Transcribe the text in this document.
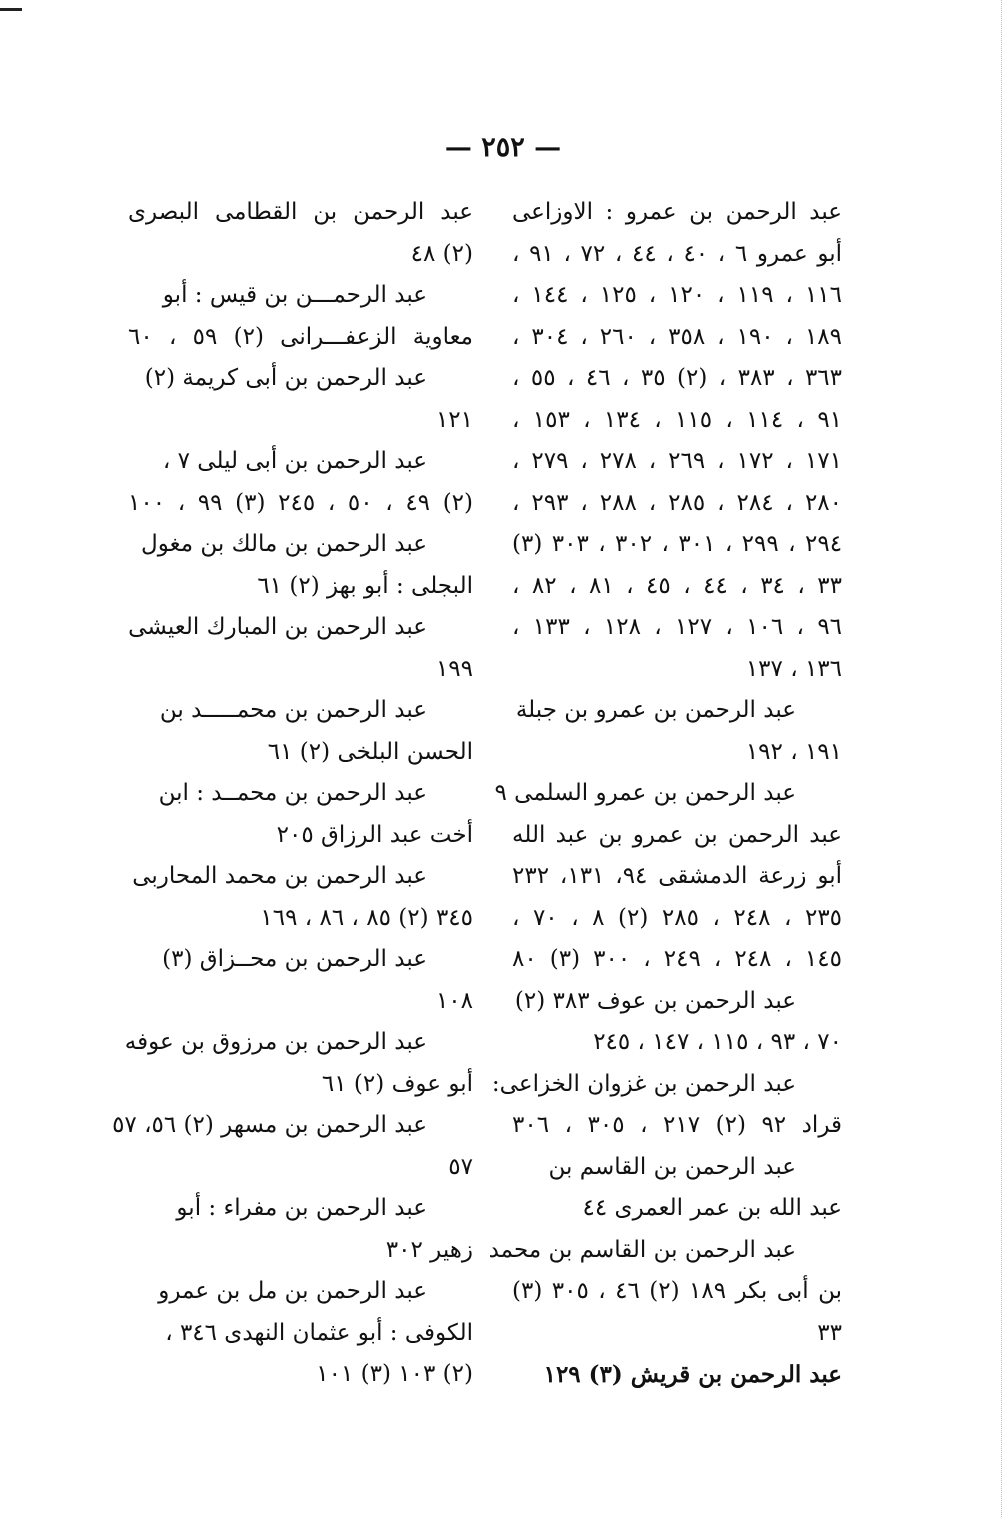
— ٢٥٢ —
عبد الرحمن بن عمرو : الاوزاعى
أبو عمرو ٦ ، ٤٠ ، ٤٤ ، ٧٢ ، ٩١ ،
١١٦ ، ١١٩ ، ١٢٠ ، ١٢٥ ، ١٤٤ ،
١٨٩ ، ١٩٠ ، ٣٥٨ ، ٢٦٠ ، ٣٠٤ ،
٣٦٣ ، ٣٨٣ ، (٢) ٣٥ ، ٤٦ ، ٥٥ ،
٩١ ، ١١٤ ، ١١٥ ، ١٣٤ ، ١٥٣ ،
١٧١ ، ١٧٢ ، ٢٦٩ ، ٢٧٨ ، ٢٧٩ ،
٢٨٠ ، ٢٨٤ ، ٢٨٥ ، ٢٨٨ ، ٢٩٣ ،
٢٩٤ ، ٢٩٩ ، ٣٠١ ، ٣٠٢ ، ٣٠٣ (٣)
٣٣ ، ٣٤ ، ٤٤ ، ٤٥ ، ٨١ ، ٨٢ ،
٩٦ ، ١٠٦ ، ١٢٧ ، ١٢٨ ، ١٣٣ ،
١٣٦ ، ١٣٧
عبد الرحمن بن عمرو بن جبلة
١٩١ ، ١٩٢
عبد الرحمن بن عمرو السلمى ٩
عبد الرحمن بن عمرو بن عبد الله
أبو زرعة الدمشقى ٩٤، ١٣١، ٢٣٢
٢٣٥ ، ٢٤٨ ، ٢٨٥ (٢) ٨ ، ٧٠ ،
١٤٥ ، ٢٤٨ ، ٢٤٩ ، ٣٠٠ (٣) ٨٠
عبد الرحمن بن عوف ٣٨٣ (٢)
٧٠ ، ٩٣ ، ١١٥ ، ١٤٧ ، ٢٤٥
عبد الرحمن بن غزوان الخزاعى:
قراد ٩٢ (٢) ٢١٧ ، ٣٠٥ ، ٣٠٦
عبد الرحمن بن القاسم بن
عبد الله بن عمر العمرى ٤٤
عبد الرحمن بن القاسم بن محمد
بن أبى بكر ١٨٩ (٢) ٤٦ ، ٣٠٥ (٣)
٣٣
عبد الرحمن بن قريش (٣) ١٢٩
عبد الرحمن بن القطامى البصرى
(٢) ٤٨
عبد الرحمـــن بن قيس : أبو
معاوية الزعفـــرانى (٢) ٥٩ ، ٦٠
عبد الرحمن بن أبى كريمة (٢)
١٢١
عبد الرحمن بن أبى ليلى ٧ ،
(٢) ٤٩ ، ٥٠ ، ٢٤٥ (٣) ٩٩ ، ١٠٠
عبد الرحمن بن مالك بن مغول
البجلى : أبو بهز (٢) ٦١
عبد الرحمن بن المبارك العيشى
١٩٩
عبد الرحمن بن محمـــــد بن
الحسن البلخى (٢) ٦١
عبد الرحمن بن محمــد : ابن
أخت عبد الرزاق ٢٠٥
عبد الرحمن بن محمد المحاربى
٣٤٥ (٢) ٨٥ ، ٨٦ ، ١٦٩
عبد الرحمن بن محــزاق (٣)
١٠٨
عبد الرحمن بن مرزوق بن عوفه
أبو عوف (٢) ٦١
عبد الرحمن بن مسهر (٢) ٥٦، ٥٧
٥٧
عبد الرحمن بن مفراء : أبو
زهير ٣٠٢
عبد الرحمن بن مل بن عمرو
الكوفى : أبو عثمان النهدى ٣٤٦ ،
(٢) ١٠٣ (٣) ١٠١
